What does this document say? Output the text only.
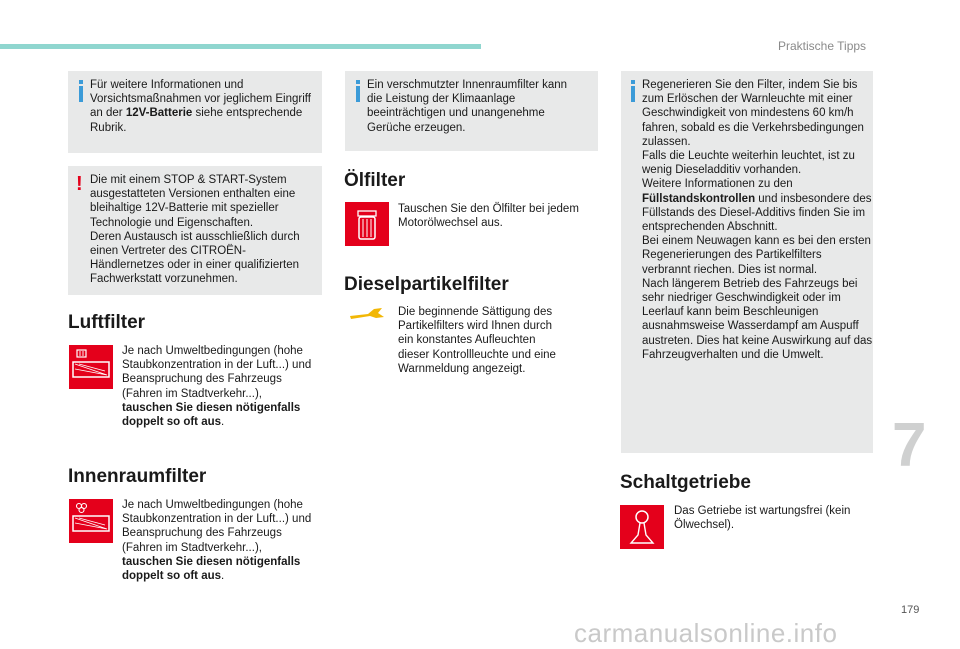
Praktische Tipps
Für weitere Informationen und Vorsichtsmaßnahmen vor jeglichem Eingriff an der 12V-Batterie siehe entsprechende Rubrik.
! Die mit einem STOP & START-System ausgestatteten Versionen enthalten eine bleihaltige 12V-Batterie mit spezieller Technologie und Eigenschaften.
Deren Austausch ist ausschließlich durch einen Vertreter des CITROËN-Händlernetzes oder in einer qualifizierten Fachwerkstatt vorzunehmen.
Luftfilter
Je nach Umweltbedingungen (hohe Staubkonzentration in der Luft...) und Beanspruchung des Fahrzeugs (Fahren im Stadtverkehr...),
tauschen Sie diesen nötigenfalls doppelt so oft aus.
Innenraumfilter
Je nach Umweltbedingungen (hohe Staubkonzentration in der Luft...) und Beanspruchung des Fahrzeugs (Fahren im Stadtverkehr...),
tauschen Sie diesen nötigenfalls doppelt so oft aus.
Ein verschmutzter Innenraumfilter kann die Leistung der Klimaanlage beeinträchtigen und unangenehme Gerüche erzeugen.
Ölfilter
Tauschen Sie den Ölfilter bei jedem Motorölwechsel aus.
Dieselpartikelfilter
Die beginnende Sättigung des Partikelfilters wird Ihnen durch ein konstantes Aufleuchten dieser Kontrollleuchte und eine Warnmeldung angezeigt.
Regenerieren Sie den Filter, indem Sie bis zum Erlöschen der Warnleuchte mit einer Geschwindigkeit von mindestens 60 km/h fahren, sobald es die Verkehrsbedingungen zulassen.
Falls die Leuchte weiterhin leuchtet, ist zu wenig Dieseladditiv vorhanden.
Weitere Informationen zu den
Füllstandskontrollen und insbesondere des Füllstands des Diesel-Additivs finden Sie im entsprechenden Abschnitt.
Bei einem Neuwagen kann es bei den ersten Regenerierungen des Partikelfilters verbrannt riechen. Dies ist normal.
Nach längerem Betrieb des Fahrzeugs bei sehr niedriger Geschwindigkeit oder im Leerlauf kann beim Beschleunigen ausnahmsweise Wasserdampf am Auspuff austreten. Dies hat keine Auswirkung auf das Fahrzeugverhalten und die Umwelt.
Schaltgetriebe
Das Getriebe ist wartungsfrei (kein Ölwechsel).
7
179
carmanualsonline.info
